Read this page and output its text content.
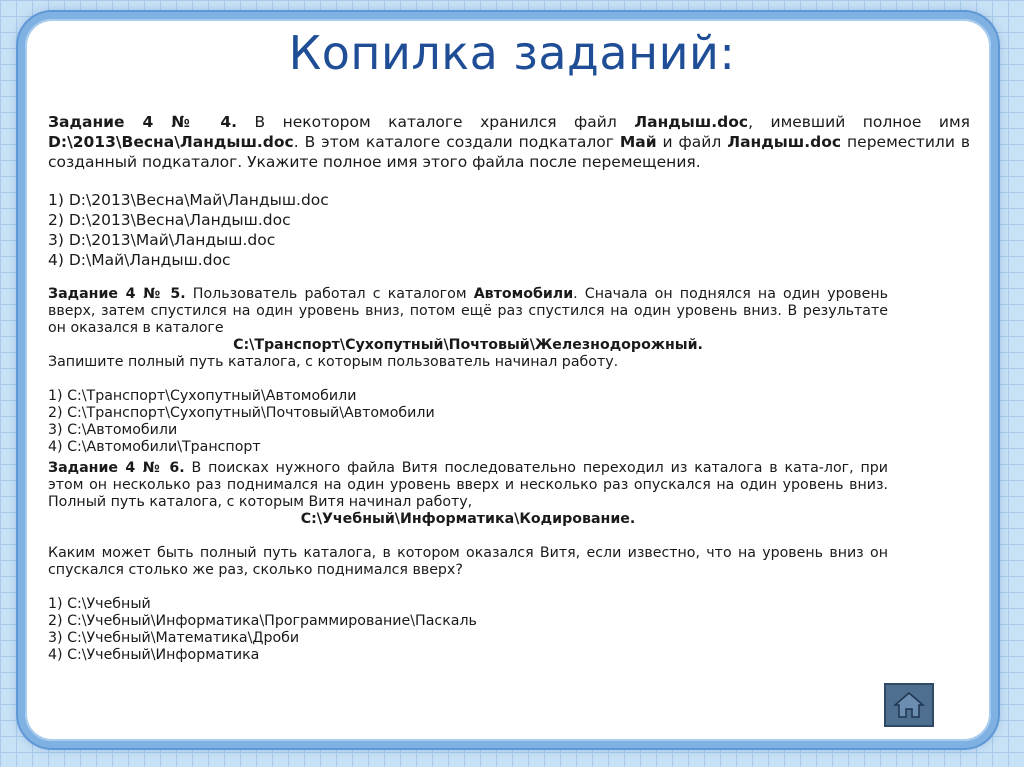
Копилка заданий:

Задание 4 № 4. В некотором каталоге хранился файл Ландыш.doc, имевший полное имя D:\2013\Весна\Ландыш.doc. В этом каталоге создали подкаталог Май и файл Ландыш.doc переместили в созданный подкаталог. Укажите полное имя этого файла после перемещения.

1) D:\2013\Весна\Май\Ландыш.doc

2) D:\2013\Весна\Ландыш.doc

3) D:\2013\Май\Ландыш.doc

4) D:\Май\Ландыш.doc

Задание 4 № 5. Пользователь работал с каталогом Автомобили. Сначала он поднялся на один уровень вверх, затем спустился на один уровень вниз, потом ещё раз спустился на один уровень вниз. В результате он оказался в каталоге

C:\Транспорт\Сухопутный\Почтовый\Железнодорожный.

Запишите полный путь каталога, с которым пользователь начинал работу.

1) C:\Транспорт\Сухопутный\Автомобили

2) C:\Транспорт\Сухопутный\Почтовый\Автомобили

3) C:\Автомобили

4) C:\Автомобили\Транспорт

Задание 4 № 6. В поисках нужного файла Витя последовательно переходил из каталога в ката-лог, при этом он несколько раз поднимался на один уровень вверх и несколько раз опускался на один уровень вниз. Полный путь каталога, с которым Витя начинал работу,

C:\Учебный\Информатика\Кодирование.

Каким может быть полный путь каталога, в котором оказался Витя, если известно, что на уровень вниз он спускался столько же раз, сколько поднимался вверх?

1) C:\Учебный

2) C:\Учебный\Информатика\Программирование\Паскаль

3) C:\Учебный\Математика\Дроби

4) C:\Учебный\Информатика
